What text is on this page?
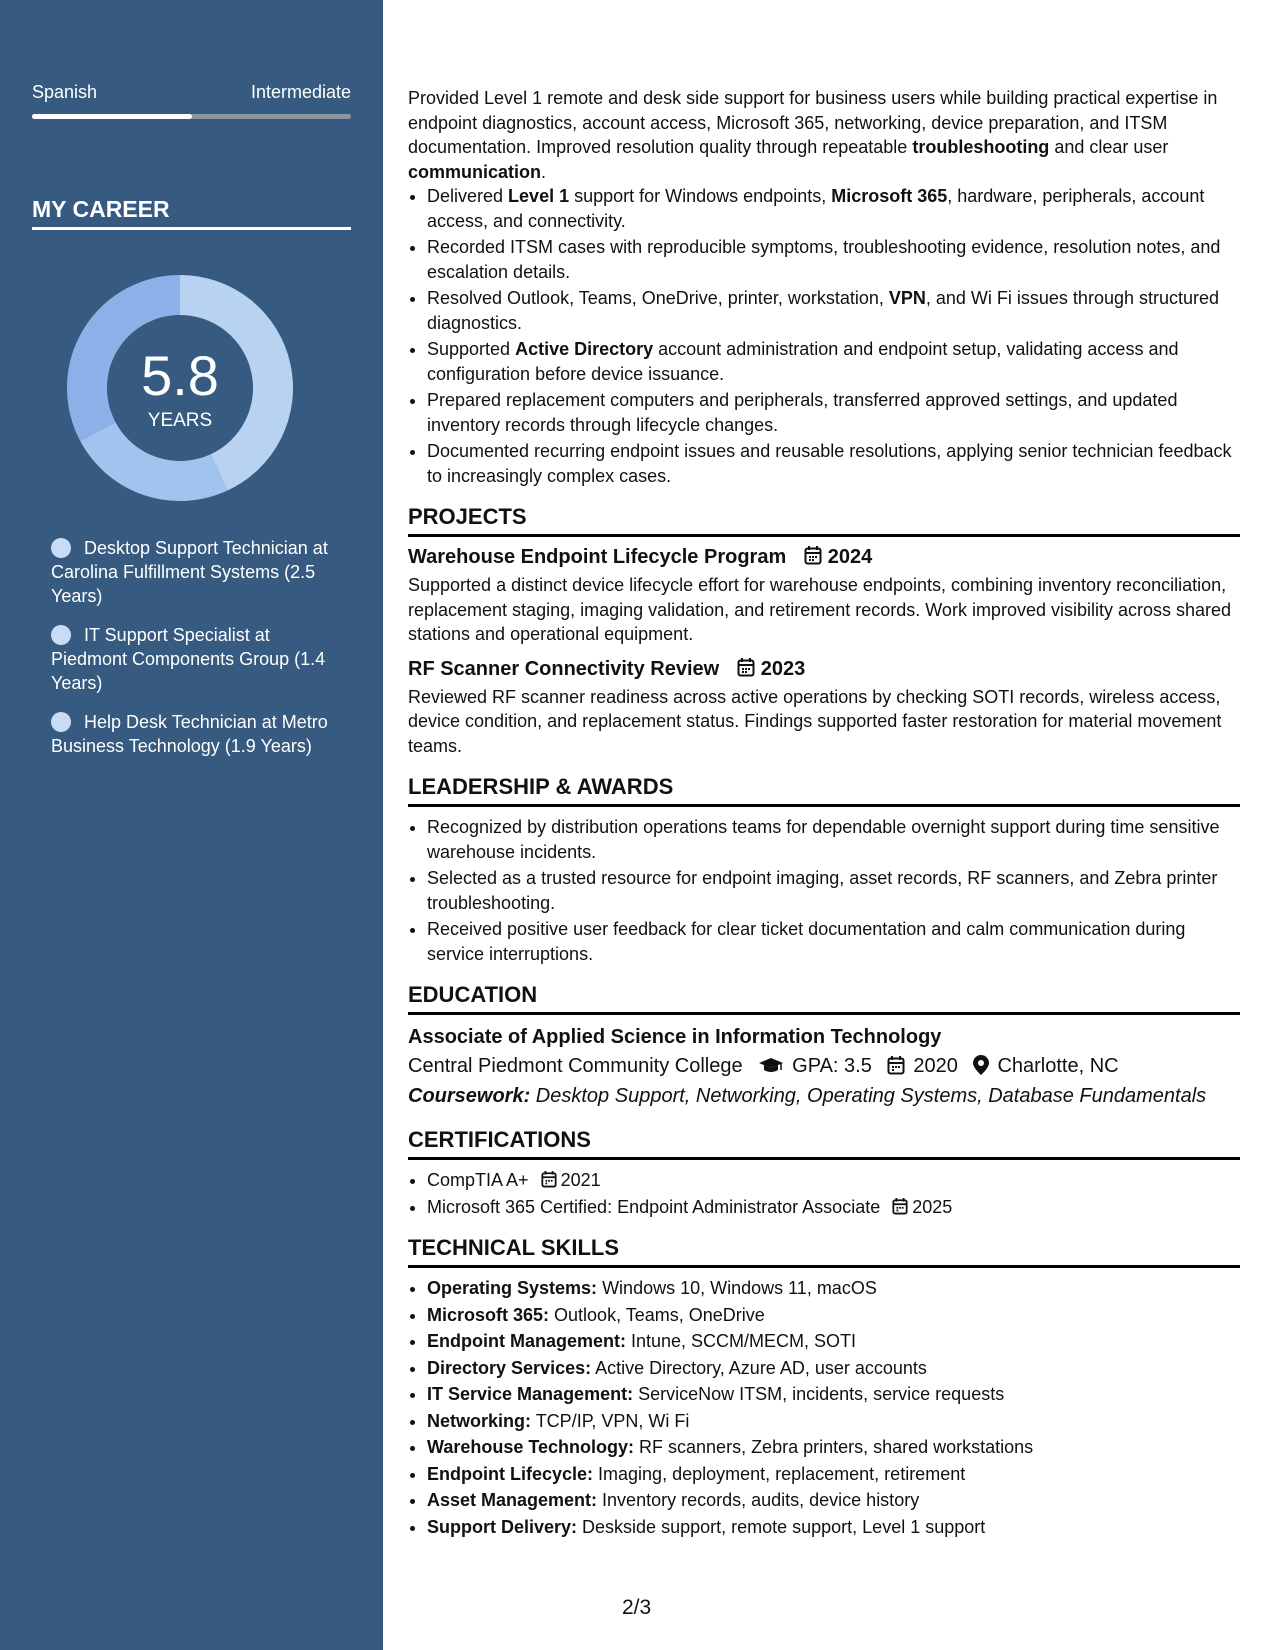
Spanish	Intermediate
MY CAREER
5.8
YEARS
Desktop Support Technician at Carolina Fulfillment Systems (2.5 Years)
IT Support Specialist at Piedmont Components Group (1.4 Years)
Help Desk Technician at Metro Business Technology (1.9 Years)

Provided Level 1 remote and desk side support for business users while building practical expertise in endpoint diagnostics, account access, Microsoft 365, networking, device preparation, and ITSM documentation. Improved resolution quality through repeatable troubleshooting and clear user communication.

• Delivered Level 1 support for Windows endpoints, Microsoft 365, hardware, peripherals, account access, and connectivity.
• Recorded ITSM cases with reproducible symptoms, troubleshooting evidence, resolution notes, and escalation details.
• Resolved Outlook, Teams, OneDrive, printer, workstation, VPN, and Wi Fi issues through structured diagnostics.
• Supported Active Directory account administration and endpoint setup, validating access and configuration before device issuance.
• Prepared replacement computers and peripherals, transferred approved settings, and updated inventory records through lifecycle changes.
• Documented recurring endpoint issues and reusable resolutions, applying senior technician feedback to increasingly complex cases.
PROJECTS
Warehouse Endpoint Lifecycle Program 2024

Supported a distinct device lifecycle effort for warehouse endpoints, combining inventory reconciliation, replacement staging, imaging validation, and retirement records. Work improved visibility across shared stations and operational equipment.

RF Scanner Connectivity Review 2023

Reviewed RF scanner readiness across active operations by checking SOTI records, wireless access, device condition, and replacement status. Findings supported faster restoration for material movement teams.

LEADERSHIP & AWARDS
• Recognized by distribution operations teams for dependable overnight support during time sensitive warehouse incidents.
• Selected as a trusted resource for endpoint imaging, asset records, RF scanners, and Zebra printer troubleshooting.
• Received positive user feedback for clear ticket documentation and calm communication during service interruptions.
EDUCATION
Associate of Applied Science in Information Technology
Central Piedmont Community College GPA: 3.5 2020 Charlotte, NC
Coursework: Desktop Support, Networking, Operating Systems, Database Fundamentals
CERTIFICATIONS
• CompTIA A+ 2021
• Microsoft 365 Certified: Endpoint Administrator Associate 2025
TECHNICAL SKILLS
• Operating Systems: Windows 10, Windows 11, macOS
• Microsoft 365: Outlook, Teams, OneDrive
• Endpoint Management: Intune, SCCM/MECM, SOTI
• Directory Services: Active Directory, Azure AD, user accounts
• IT Service Management: ServiceNow ITSM, incidents, service requests
• Networking: TCP/IP, VPN, Wi Fi
• Warehouse Technology: RF scanners, Zebra printers, shared workstations
• Endpoint Lifecycle: Imaging, deployment, replacement, retirement
• Asset Management: Inventory records, audits, device history
• Support Delivery: Deskside support, remote support, Level 1 support
2/3
